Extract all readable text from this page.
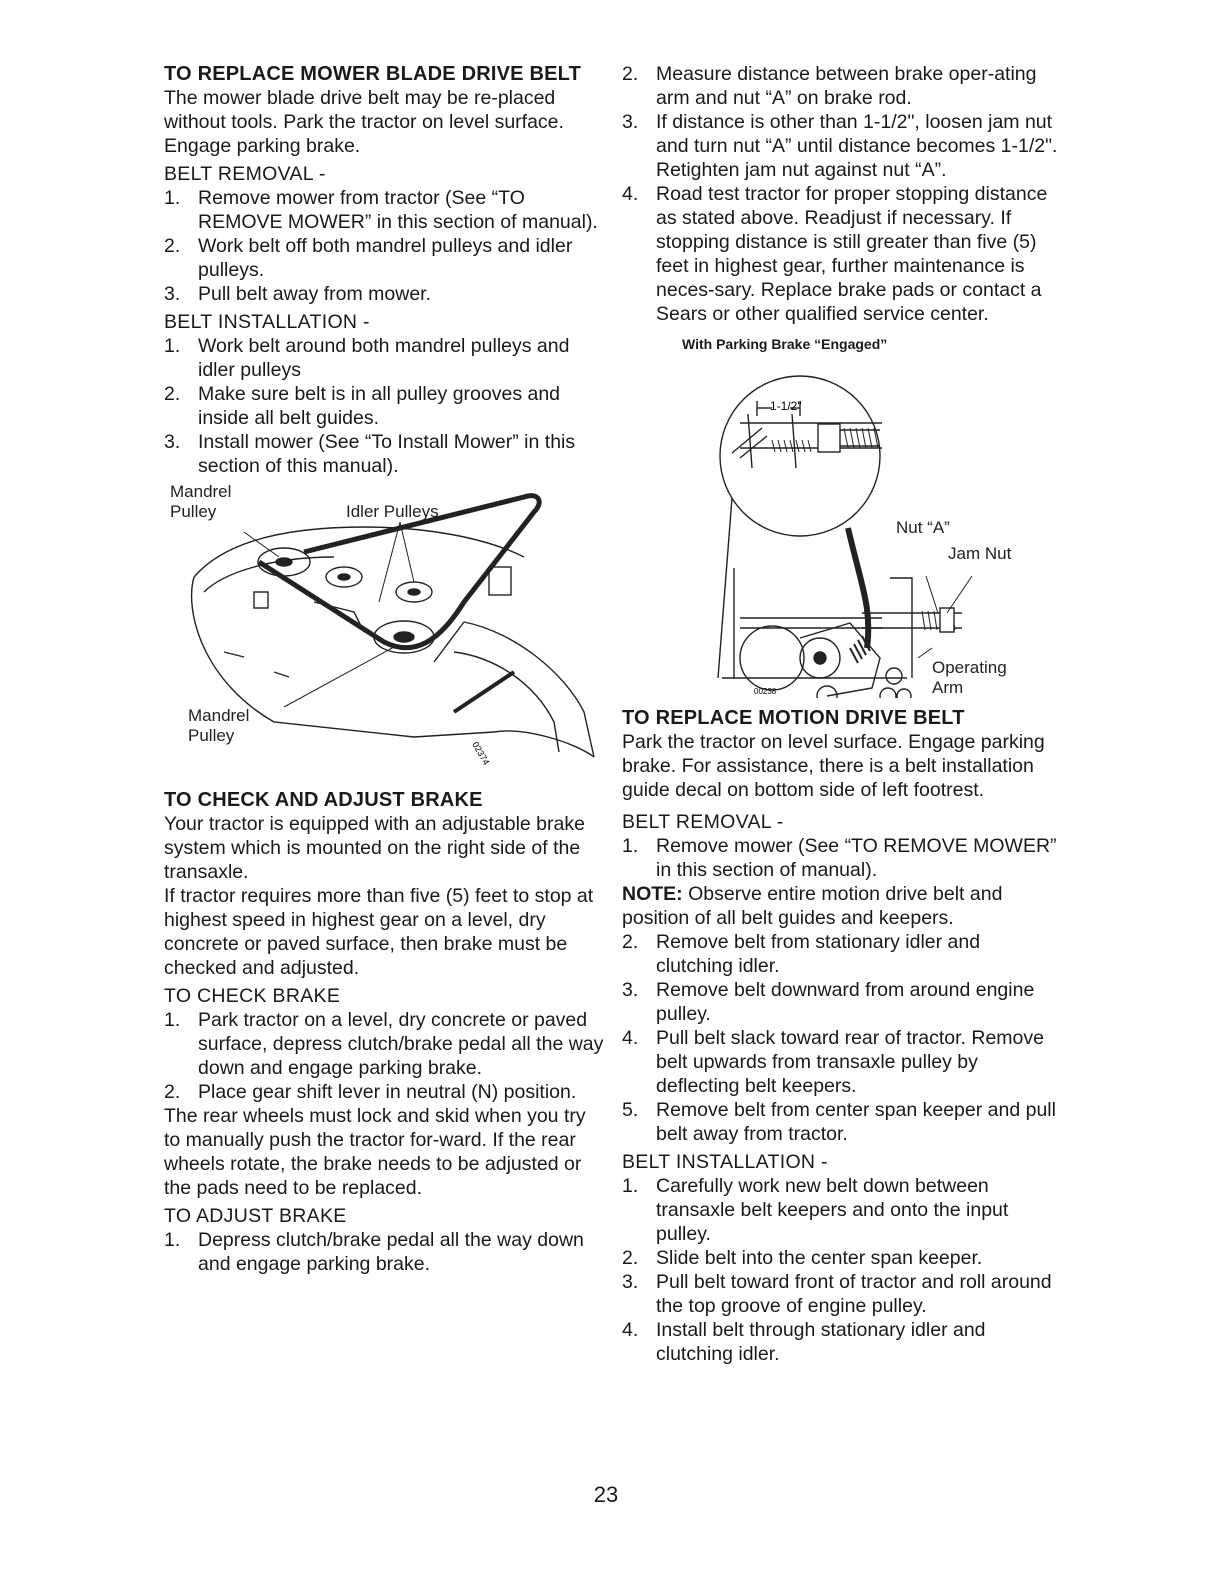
TO REPLACE MOWER BLADE DRIVE BELT

The mower blade drive belt may be re-placed without tools. Park the tractor on level surface. Engage parking brake.

BELT REMOVAL -
1. Remove mower from tractor (See “TO REMOVE MOWER” in this section of manual).
2. Work belt off both mandrel pulleys and idler pulleys.
3. Pull belt away from mower.
BELT INSTALLATION -
1. Work belt around both mandrel pulleys and idler pulleys
2. Make sure belt is in all pulley grooves and inside all belt guides.
3. Install mower (See “To Install Mower” in this section of this manual).
02374
Mandrel
Pulley	Idler Pulleys
Mandrel
Pulley
TO CHECK AND ADJUST BRAKE

Your tractor is equipped with an adjustable brake system which is mounted on the right side of the transaxle.

If tractor requires more than five (5) feet to stop at highest speed in highest gear on a level, dry concrete or paved surface, then brake must be checked and adjusted.

TO CHECK BRAKE
1. Park tractor on a level, dry concrete or paved surface, depress clutch/brake pedal all the way down and engage parking brake.
2. Place gear shift lever in neutral (N) position.

The rear wheels must lock and skid when you try to manually push the tractor for-ward. If the rear wheels rotate, the brake needs to be adjusted or the pads need to be replaced.

TO ADJUST BRAKE
1. Depress clutch/brake pedal all the way down and engage parking brake.
2. Measure distance between brake oper-ating arm and nut “A” on brake rod.
3. If distance is other than 1-1/2", loosen jam nut and turn nut “A” until distance becomes 1-1/2". Retighten jam nut against nut “A”.
4. Road test tractor for proper stopping distance as stated above. Readjust if necessary. If stopping distance is still greater than five (5) feet in highest gear, further maintenance is neces-sary. Replace brake pads or contact a Sears or other qualified service center.
With Parking Brake “Engaged”
1-1/2"
00238
Nut “A”
Jam Nut
Operating
Arm
TO REPLACE MOTION DRIVE BELT

Park the tractor on level surface. Engage parking brake. For assistance, there is a belt installation guide decal on bottom side of left footrest.

BELT REMOVAL -
1. Remove mower (See “TO REMOVE MOWER” in this section of manual).

NOTE: Observe entire motion drive belt and position of all belt guides and keepers.

2. Remove belt from stationary idler and clutching idler.
3. Remove belt downward from around engine pulley.
4. Pull belt slack toward rear of tractor. Remove belt upwards from transaxle pulley by deflecting belt keepers.
5. Remove belt from center span keeper and pull belt away from tractor.
BELT INSTALLATION -
1. Carefully work new belt down between transaxle belt keepers and onto the input pulley.
2. Slide belt into the center span keeper.
3. Pull belt toward front of tractor and roll around the top groove of engine pulley.
4. Install belt through stationary idler and clutching idler.
23
